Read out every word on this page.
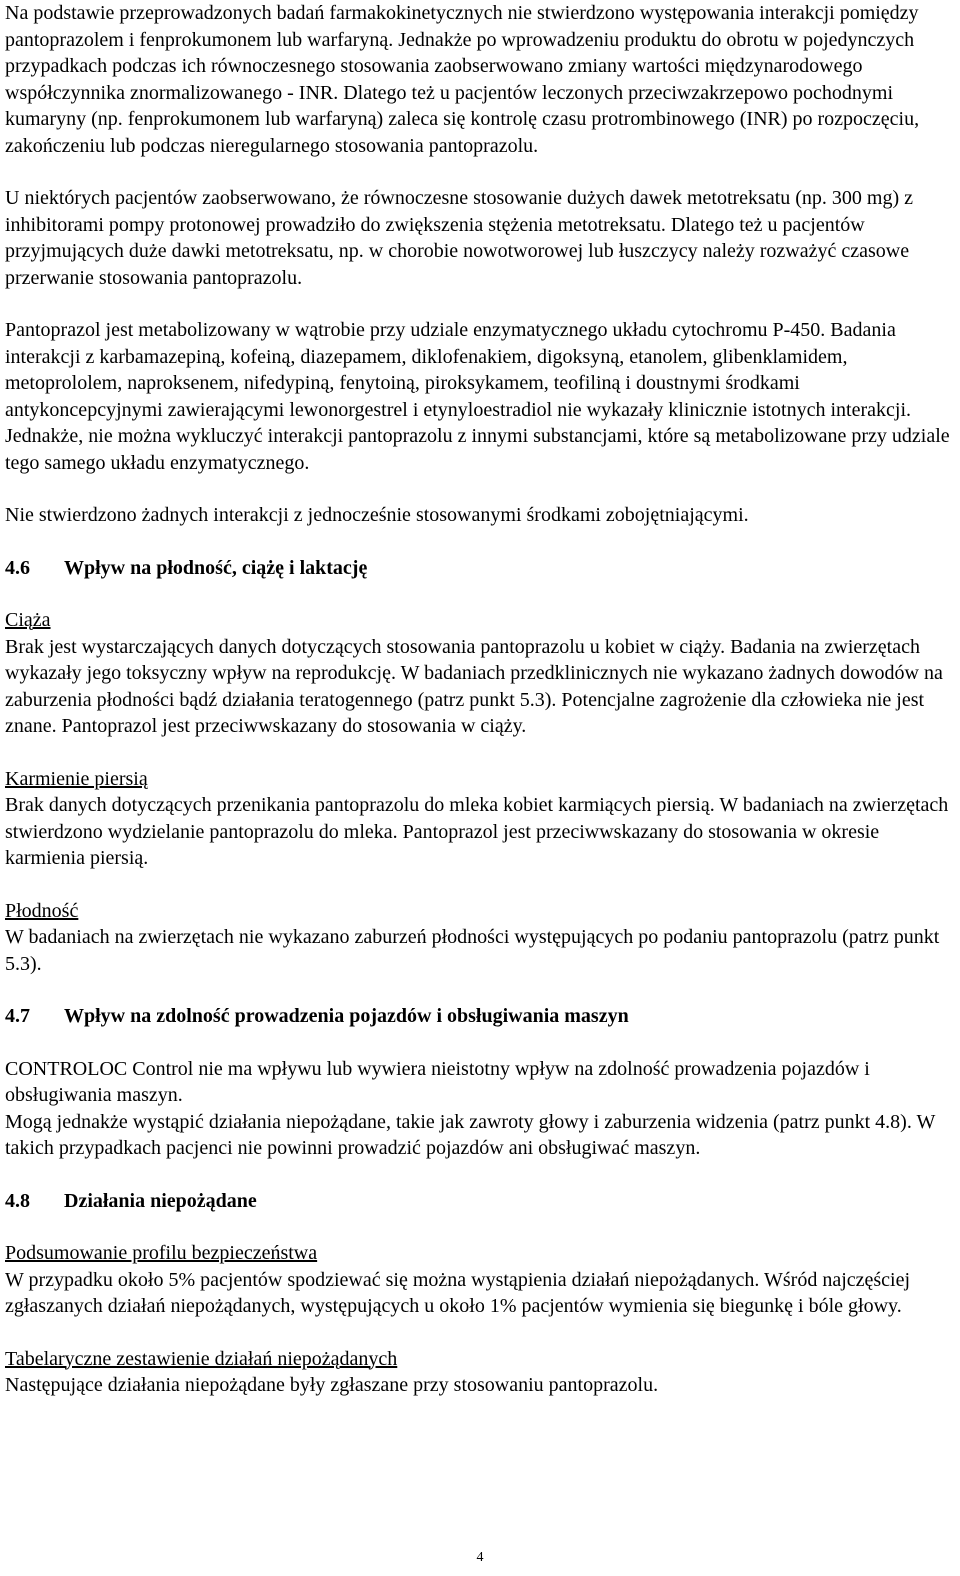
Na podstawie przeprowadzonych badań farmakokinetycznych nie stwierdzono występowania interakcji pomiędzy pantoprazolem i fenprokumonem lub warfaryną. Jednakże po wprowadzeniu produktu do obrotu w pojedynczych przypadkach podczas ich równoczesnego stosowania zaobserwowano zmiany wartości międzynarodowego współczynnika znormalizowanego - INR. Dlatego też u pacjentów leczonych przeciwzakrzepowo pochodnymi kumaryny (np. fenprokumonem lub warfaryną) zaleca się kontrolę czasu protrombinowego (INR) po rozpoczęciu, zakończeniu lub podczas nieregularnego stosowania pantoprazolu.

U niektórych pacjentów zaobserwowano, że równoczesne stosowanie dużych dawek metotreksatu (np. 300 mg) z inhibitorami pompy protonowej prowadziło do zwiększenia stężenia metotreksatu. Dlatego też u pacjentów przyjmujących duże dawki metotreksatu, np. w chorobie nowotworowej lub łuszczycy należy rozważyć czasowe przerwanie stosowania pantoprazolu.

Pantoprazol jest metabolizowany w wątrobie przy udziale enzymatycznego układu cytochromu P-450. Badania interakcji z karbamazepiną, kofeiną, diazepamem, diklofenakiem, digoksyną, etanolem, glibenklamidem, metoprololem, naproksenem, nifedypiną, fenytoiną, piroksykamem, teofiliną i doustnymi środkami antykoncepcyjnymi zawierającymi lewonorgestrel i etynyloestradiol nie wykazały klinicznie istotnych interakcji. Jednakże, nie można wykluczyć interakcji pantoprazolu z innymi substancjami, które są metabolizowane przy udziale tego samego układu enzymatycznego.

Nie stwierdzono żadnych interakcji z jednocześnie stosowanymi środkami zobojętniającymi.

4.6	Wpływ na płodność, ciążę i laktację

Ciąża

Brak jest wystarczających danych dotyczących stosowania pantoprazolu u kobiet w ciąży. Badania na zwierzętach wykazały jego toksyczny wpływ na reprodukcję. W badaniach przedklinicznych nie wykazano żadnych dowodów na zaburzenia płodności bądź działania teratogennego (patrz punkt 5.3). Potencjalne zagrożenie dla człowieka nie jest znane. Pantoprazol jest przeciwwskazany do stosowania w ciąży.

Karmienie piersią

Brak danych dotyczących przenikania pantoprazolu do mleka kobiet karmiących piersią. W badaniach na zwierzętach stwierdzono wydzielanie pantoprazolu do mleka. Pantoprazol jest przeciwwskazany do stosowania w okresie karmienia piersią.

Płodność

W badaniach na zwierzętach nie wykazano zaburzeń płodności występujących po podaniu pantoprazolu (patrz punkt 5.3).

4.7	Wpływ na zdolność prowadzenia pojazdów i obsługiwania maszyn

CONTROLOC Control nie ma wpływu lub wywiera nieistotny wpływ na zdolność prowadzenia pojazdów i obsługiwania maszyn.

Mogą jednakże wystąpić działania niepożądane, takie jak zawroty głowy i zaburzenia widzenia (patrz punkt 4.8). W takich przypadkach pacjenci nie powinni prowadzić pojazdów ani obsługiwać maszyn.

4.8	Działania niepożądane

Podsumowanie profilu bezpieczeństwa

W przypadku około 5% pacjentów spodziewać się można wystąpienia działań niepożądanych. Wśród najczęściej zgłaszanych działań niepożądanych, występujących u około 1% pacjentów wymienia się biegunkę i bóle głowy.

Tabelaryczne zestawienie działań niepożądanych

Następujące działania niepożądane były zgłaszane przy stosowaniu pantoprazolu.

4
